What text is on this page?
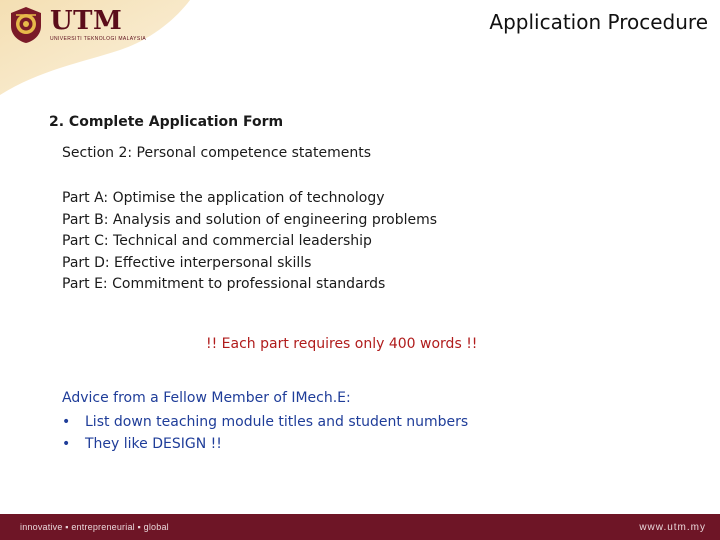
UTM
UNIVERSITI TEKNOLOGI MALAYSIA
Application Procedure
2. Complete Application Form
Section 2: Personal competence statements
Part A: Optimise the application of technology
Part B: Analysis and solution of engineering problems
Part C: Technical and commercial leadership
Part D: Effective interpersonal skills
Part E: Commitment to professional standards
!! Each part requires only 400 words !!
Advice from a Fellow Member of IMech.E:
•	List down teaching module titles and student numbers
•	They like DESIGN !!
innovative ▪ entrepreneurial ▪ global	www.utm.my
